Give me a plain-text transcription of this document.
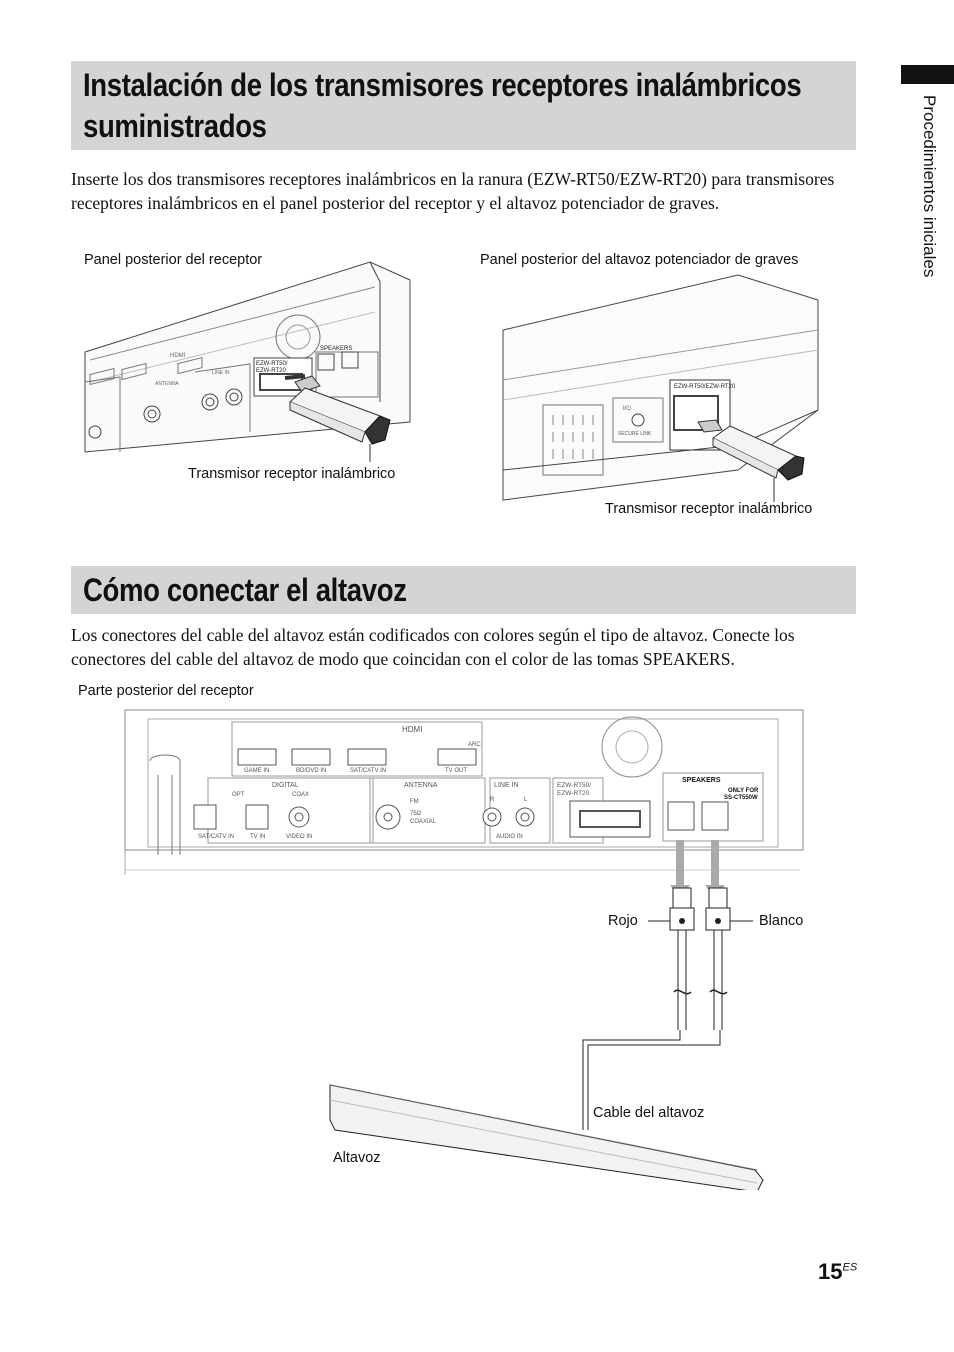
Procedimientos iniciales
Instalación de los transmisores receptores inalámbricos
suministrados
Inserte los dos transmisores receptores inalámbricos en la ranura (EZW-RT50/EZW-RT20) para transmisores receptores inalámbricos en el panel posterior del receptor y el altavoz potenciador de graves.
Panel posterior del receptor	Panel posterior del altavoz potenciador de graves
Transmisor receptor inalámbrico
Transmisor receptor inalámbrico
EZW-RT50/
EZW-RT20
SPEAKERS
HDMI
ANTENNA
LINE IN
EZW-RT50/EZW-RT20
I/⏻
SECURE LINK
Cómo conectar el altavoz
Los conectores del cable del altavoz están codificados con colores según el tipo de altavoz. Conecte los conectores del cable del altavoz de modo que coincidan con el color de las tomas SPEAKERS.
Parte posterior del receptor
HDMI
ARC
GAME IN	BD/DVD IN	SAT/CATV IN	TV OUT
DIGITAL
OPT	COAX
SAT/CATV IN	TV IN	VIDEO IN
ANTENNA
FM
75Ω
COAXIAL
LINE IN
R	L
AUDIO IN
EZW-RT50/
EZW-RT20
SPEAKERS
ONLY FOR
SS-CT550W
Rojo	Blanco
Cable del altavoz
Altavoz
$15^{ES}$
